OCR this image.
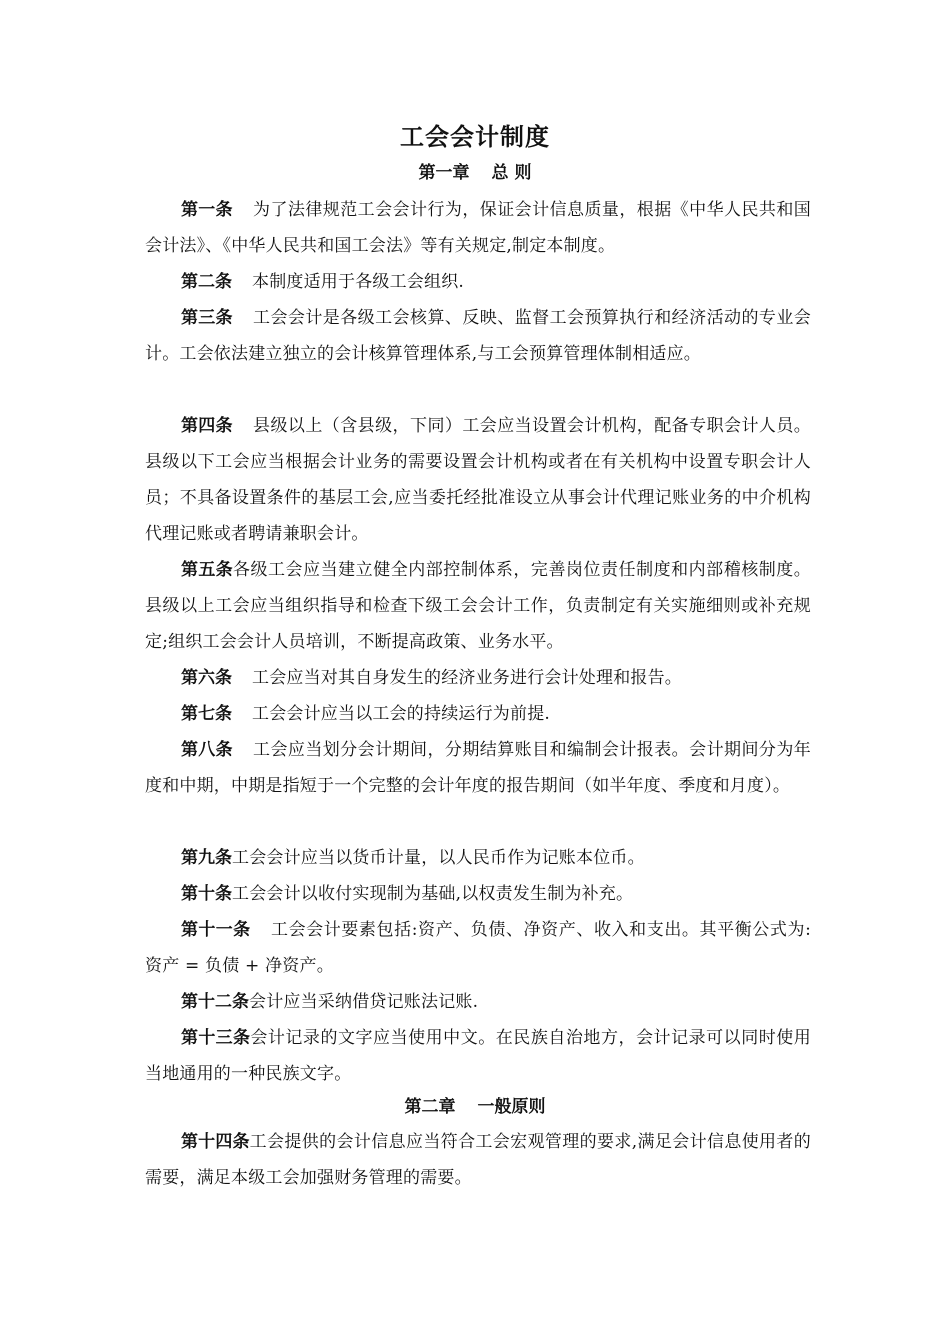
工会会计制度
第一章 总 则
第一条 为了法律规范工会会计行为，保证会计信息质量，根据《中华人民共和国会计法》、《中华人民共和国工会法》等有关规定,制定本制度。
第二条 本制度适用于各级工会组织.
第三条 工会会计是各级工会核算、反映、监督工会预算执行和经济活动的专业会计。工会依法建立独立的会计核算管理体系,与工会预算管理体制相适应。
第四条 县级以上（含县级，下同）工会应当设置会计机构，配备专职会计人员。县级以下工会应当根据会计业务的需要设置会计机构或者在有关机构中设置专职会计人员；不具备设置条件的基层工会,应当委托经批准设立从事会计代理记账业务的中介机构代理记账或者聘请兼职会计。
第五条各级工会应当建立健全内部控制体系，完善岗位责任制度和内部稽核制度。县级以上工会应当组织指导和检查下级工会会计工作，负责制定有关实施细则或补充规定;组织工会会计人员培训，不断提高政策、业务水平。
第六条 工会应当对其自身发生的经济业务进行会计处理和报告。
第七条 工会会计应当以工会的持续运行为前提.
第八条 工会应当划分会计期间，分期结算账目和编制会计报表。会计期间分为年度和中期，中期是指短于一个完整的会计年度的报告期间（如半年度、季度和月度）。
第九条工会会计应当以货币计量，以人民币作为记账本位币。
第十条工会会计以收付实现制为基础,以权责发生制为补充。
第十一条 工会会计要素包括:资产、负债、净资产、收入和支出。其平衡公式为:资产 = 负债 + 净资产。
第十二条会计应当采纳借贷记账法记账.
第十三条会计记录的文字应当使用中文。在民族自治地方，会计记录可以同时使用当地通用的一种民族文字。
第二章 一般原则
第十四条工会提供的会计信息应当符合工会宏观管理的要求,满足会计信息使用者的需要，满足本级工会加强财务管理的需要。
